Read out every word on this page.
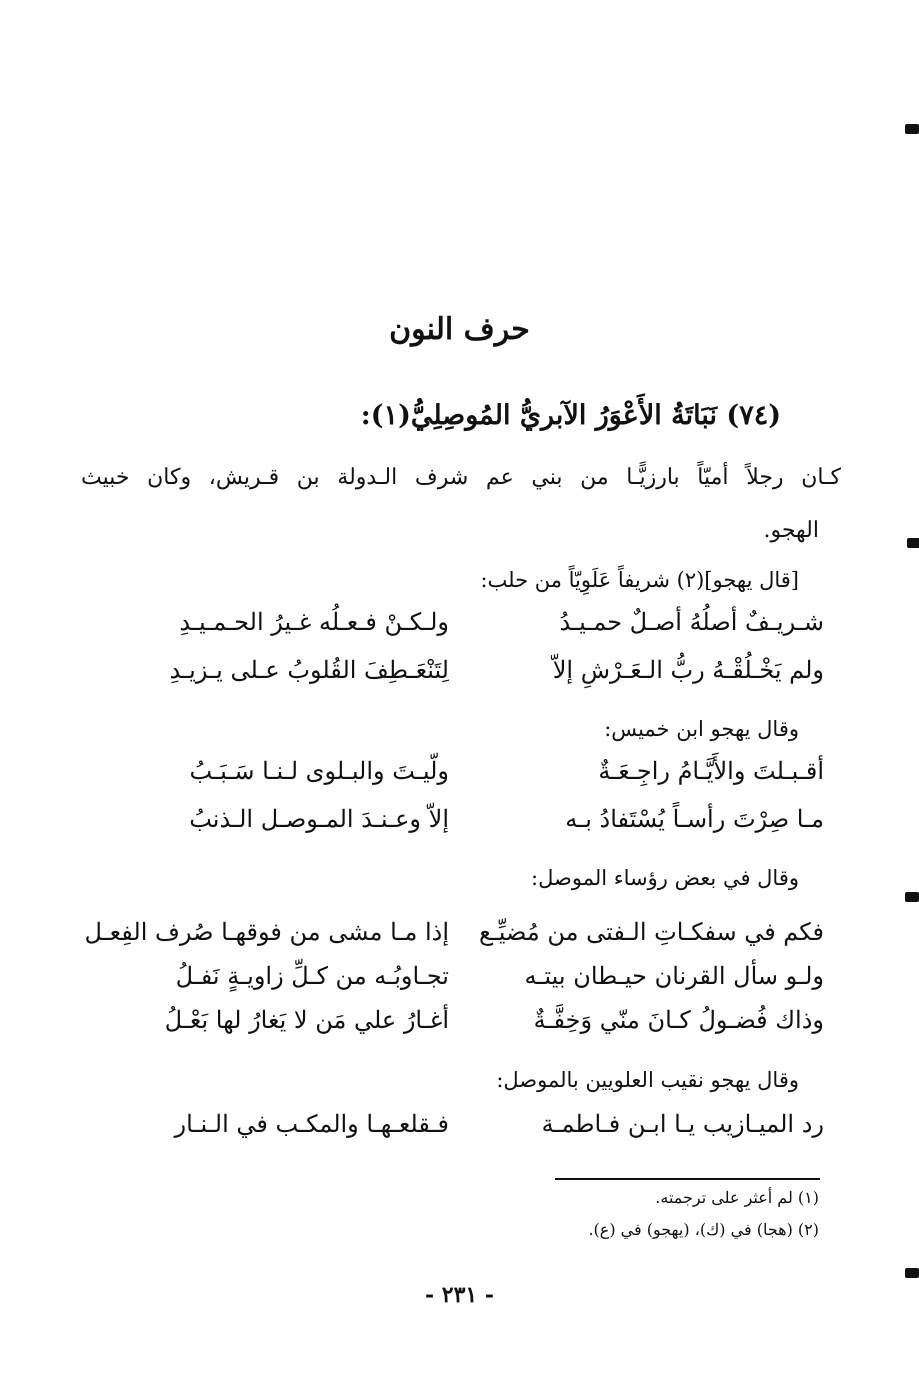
حرف النون
(٧٤) نَبَاتَةُ الأَعْوَرُ الآبريُّ المُوصِلِيُّ(١):
كـان رجلاً أميّاً بارزيًّـا من بني عم شرف الـدولة بن قـريش، وكان خبيث
الهجو.
[قال يهجو](٢) شريفاً عَلَوِيّاً من حلب:
شـريـفٌ أصلُهُ أصـلٌ حمـيـدُ
ولـكـنْ فـعـلُه غـيرُ الحـمـيـدِ
ولم يَخْـلُقْـهُ ربُّ الـعَـرْشِ إلاّ
لِتَنْعَـطِفَ القُلوبُ عـلى يـزيـدِ
وقال يهجو ابن خميس:
أقـبـلتَ والأَيَّـامُ راجِـعَـةٌ
ولّيـتَ والبـلوى لـنـا سَـبَـبُ
مـا صِرْتَ رأسـاً يُسْتَفادُ بـه
إلاّ وعـنـدَ المـوصـل الـذنبُ
وقال في بعض رؤساء الموصل:
فكم في سفكـاتِ الـفتى من مُضيِّـع
إذا مـا مشى من فوقهـا صُرف الفِعـل
ولـو سأل القرنان حيـطان بيتـه
تجـاوبُـه من كـلِّ زاويـةٍ نَفـلُ
وذاك فُضـولُ كـانَ منّي وَخِفَّـةٌ
أغـارُ علي مَن لا يَغارُ لها بَعْـلُ
وقال يهجو نقيب العلويين بالموصل:
رد الميـازيب يـا ابـن فـاطمـة
فـقلعـهـا والمكـب في الـنـار
(١) لم أعثر على ترجمته.
(٢) (هجا) في (ك)، (يهجو) في (ع).
- ٢٣١ -
